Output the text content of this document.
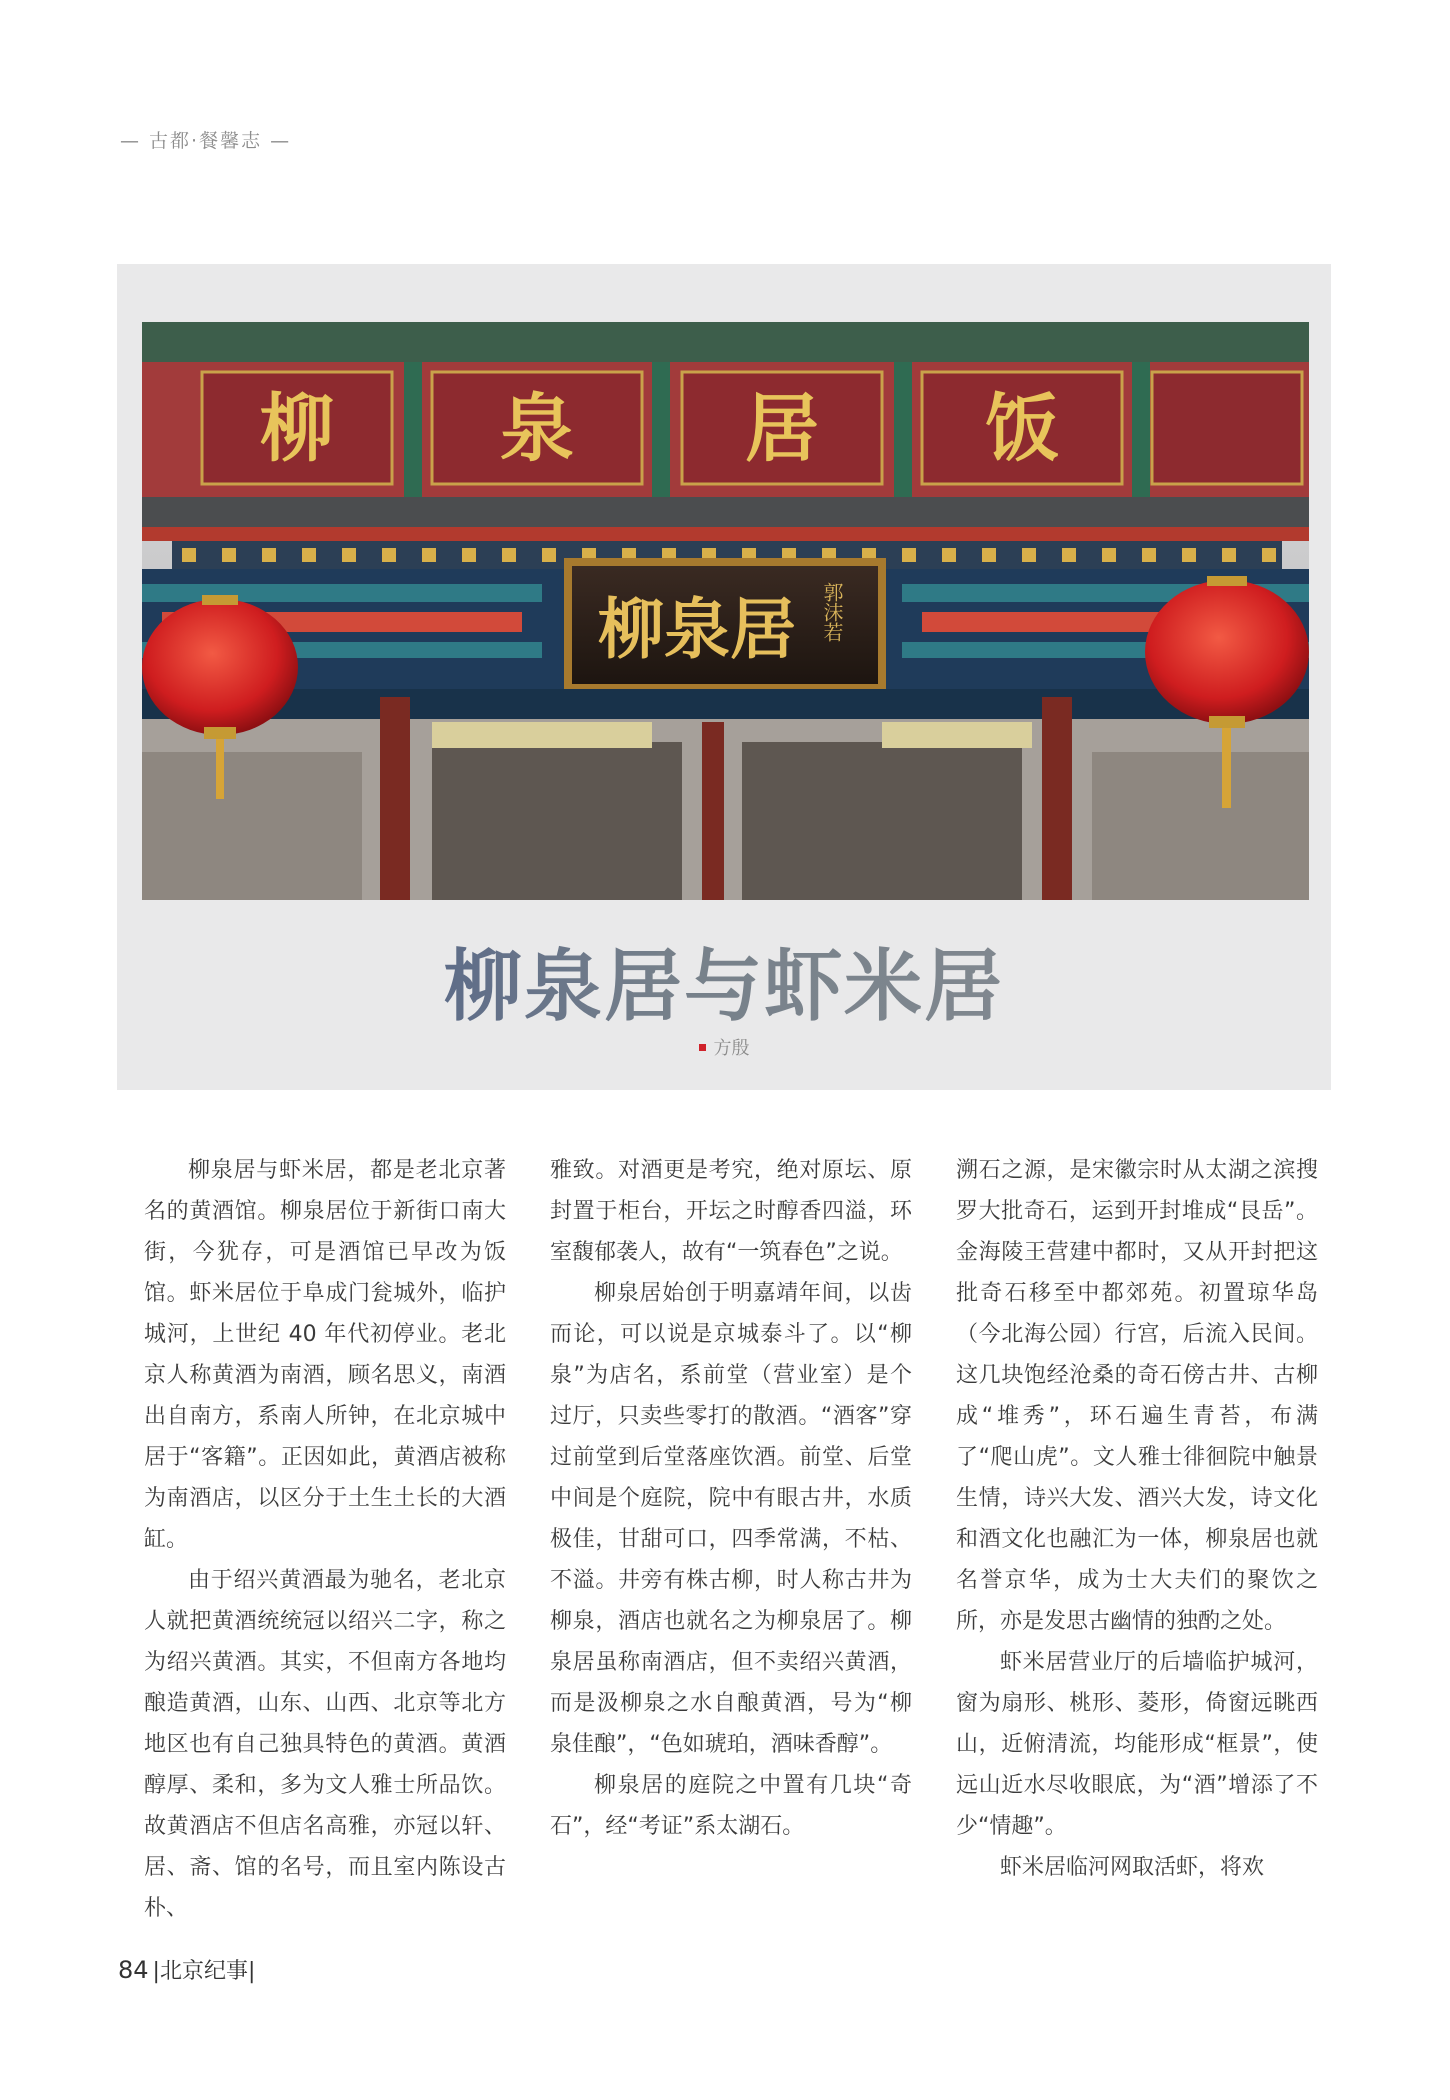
— 古都·餐馨志 —
柳 泉 居 饭
柳泉居 郭沫若
柳泉居与虾米居
方殷

柳泉居与虾米居，都是老北京著名的黄酒馆。柳泉居位于新街口南大街，今犹存，可是酒馆已早改为饭馆。虾米居位于阜成门瓮城外，临护城河，上世纪 40 年代初停业。老北京人称黄酒为南酒，顾名思义，南酒出自南方，系南人所钟，在北京城中居于“客籍”。正因如此，黄酒店被称为南酒店，以区分于土生土长的大酒缸。

由于绍兴黄酒最为驰名，老北京人就把黄酒统统冠以绍兴二字，称之为绍兴黄酒。其实，不但南方各地均酿造黄酒，山东、山西、北京等北方地区也有自己独具特色的黄酒。黄酒醇厚、柔和，多为文人雅士所品饮。故黄酒店不但店名高雅，亦冠以轩、居、斋、馆的名号，而且室内陈设古朴、

雅致。对酒更是考究，绝对原坛、原封置于柜台，开坛之时醇香四溢，环室馥郁袭人，故有“一筑春色”之说。

柳泉居始创于明嘉靖年间，以齿而论，可以说是京城泰斗了。以“柳泉”为店名，系前堂（营业室）是个过厅，只卖些零打的散酒。“酒客”穿过前堂到后堂落座饮酒。前堂、后堂中间是个庭院，院中有眼古井，水质极佳，甘甜可口，四季常满，不枯、不溢。井旁有株古柳，时人称古井为柳泉，酒店也就名之为柳泉居了。柳泉居虽称南酒店，但不卖绍兴黄酒，而是汲柳泉之水自酿黄酒，号为“柳泉佳酿”，“色如琥珀，酒味香醇”。

柳泉居的庭院之中置有几块“奇石”，经“考证”系太湖石。

溯石之源，是宋徽宗时从太湖之滨搜罗大批奇石，运到开封堆成“艮岳”。金海陵王营建中都时，又从开封把这批奇石移至中都郊苑。初置琼华岛（今北海公园）行宫，后流入民间。这几块饱经沧桑的奇石傍古井、古柳成“堆秀”，环石遍生青苔，布满了“爬山虎”。文人雅士徘徊院中触景生情，诗兴大发、酒兴大发，诗文化和酒文化也融汇为一体，柳泉居也就名誉京华，成为士大夫们的聚饮之所，亦是发思古幽情的独酌之处。

虾米居营业厅的后墙临护城河，窗为扇形、桃形、菱形，倚窗远眺西山，近俯清流，均能形成“框景”，使远山近水尽收眼底，为“酒”增添了不少“情趣”。

虾米居临河网取活虾，将欢

84 |北京纪事|
